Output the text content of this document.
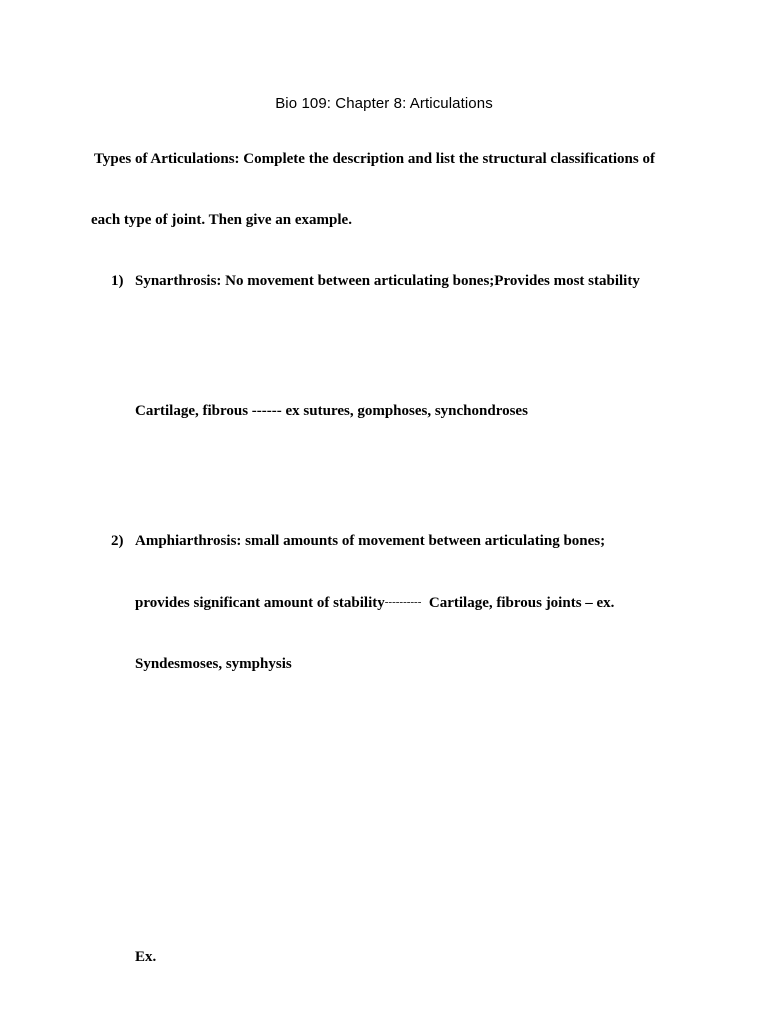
Bio 109: Chapter 8: Articulations
Types of Articulations: Complete the description and list the structural classifications of
each type of joint. Then give an example.
1) Synarthrosis: No movement between articulating bones;Provides most stability
Cartilage, fibrous ------ ex sutures, gomphoses, synchondroses
2) Amphiarthrosis: small amounts of movement between articulating bones;
provides significant amount of stability----------  Cartilage, fibrous joints – ex.
Syndesmoses, symphysis
Ex.
